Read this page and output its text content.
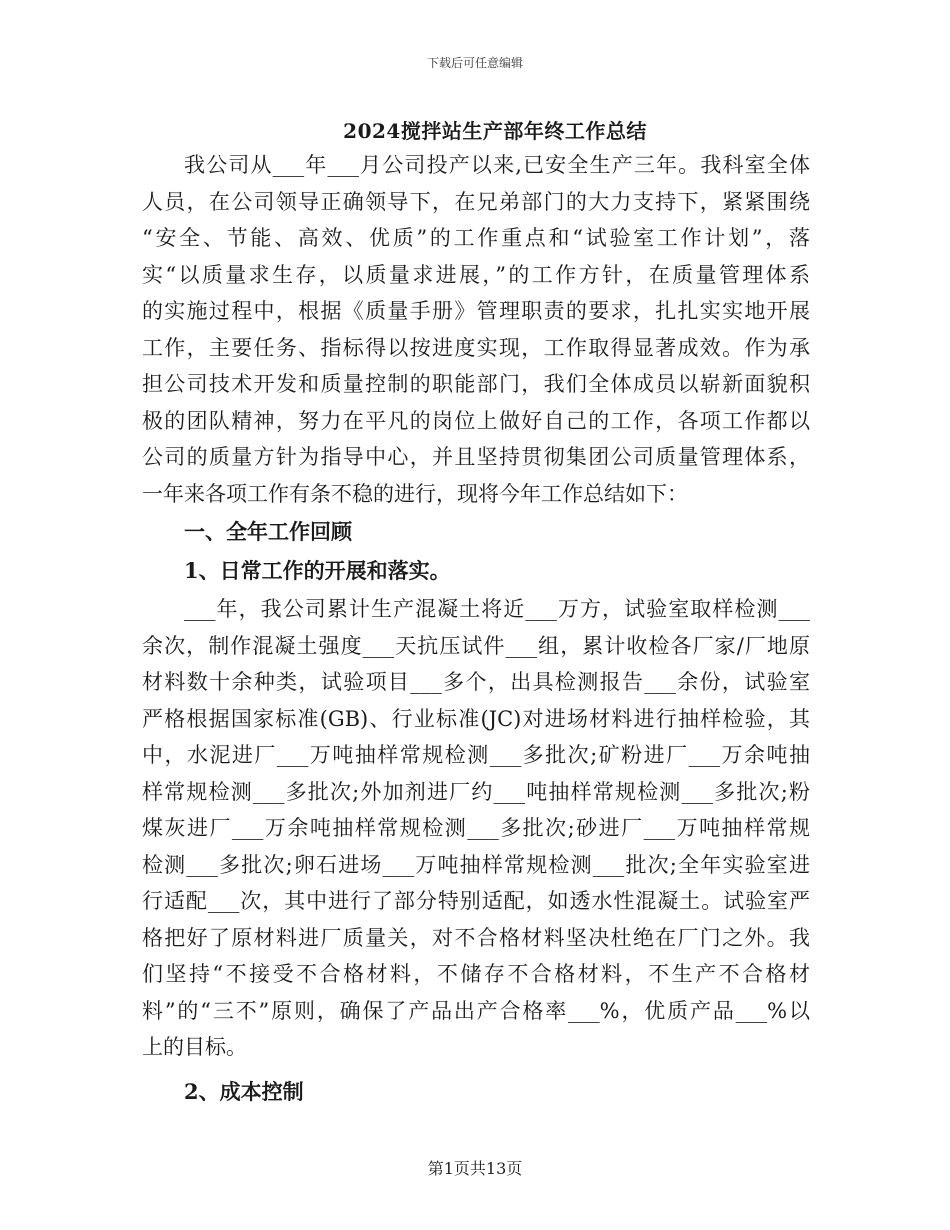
下载后可任意编辑
2024搅拌站生产部年终工作总结
我公司从___年___月公司投产以来,已安全生产三年。我科室全体
人员，在公司领导正确领导下，在兄弟部门的大力支持下，紧紧围绕
“安全、节能、高效、优质”的工作重点和“试验室工作计划”，落
实“以质量求生存，以质量求进展，”的工作方针，在质量管理体系
的实施过程中，根据《质量手册》管理职责的要求，扎扎实实地开展
工作，主要任务、指标得以按进度实现，工作取得显著成效。作为承
担公司技术开发和质量控制的职能部门，我们全体成员以崭新面貌积
极的团队精神，努力在平凡的岗位上做好自己的工作，各项工作都以
公司的质量方针为指导中心，并且坚持贯彻集团公司质量管理体系，
一年来各项工作有条不稳的进行，现将今年工作总结如下：
一、全年工作回顾
1、日常工作的开展和落实。
___年，我公司累计生产混凝土将近___万方，试验室取样检测___
余次，制作混凝土强度___天抗压试件___组，累计收检各厂家/厂地原
材料数十余种类，试验项目___多个，出具检测报告___余份，试验室
严格根据国家标准(GB)、行业标准(JC)对进场材料进行抽样检验，其
中，水泥进厂___万吨抽样常规检测___多批次;矿粉进厂___万余吨抽
样常规检测___多批次;外加剂进厂约___吨抽样常规检测___多批次;粉
煤灰进厂___万余吨抽样常规检测___多批次;砂进厂___万吨抽样常规
检测___多批次;卵石进场___万吨抽样常规检测___批次;全年实验室进
行适配___次，其中进行了部分特别适配，如透水性混凝土。试验室严
格把好了原材料进厂质量关，对不合格材料坚决杜绝在厂门之外。我
们坚持“不接受不合格材料，不储存不合格材料，不生产不合格材
料”的“三不”原则，确保了产品出产合格率___%，优质产品___%以
上的目标。
2、成本控制
第1页共13页
